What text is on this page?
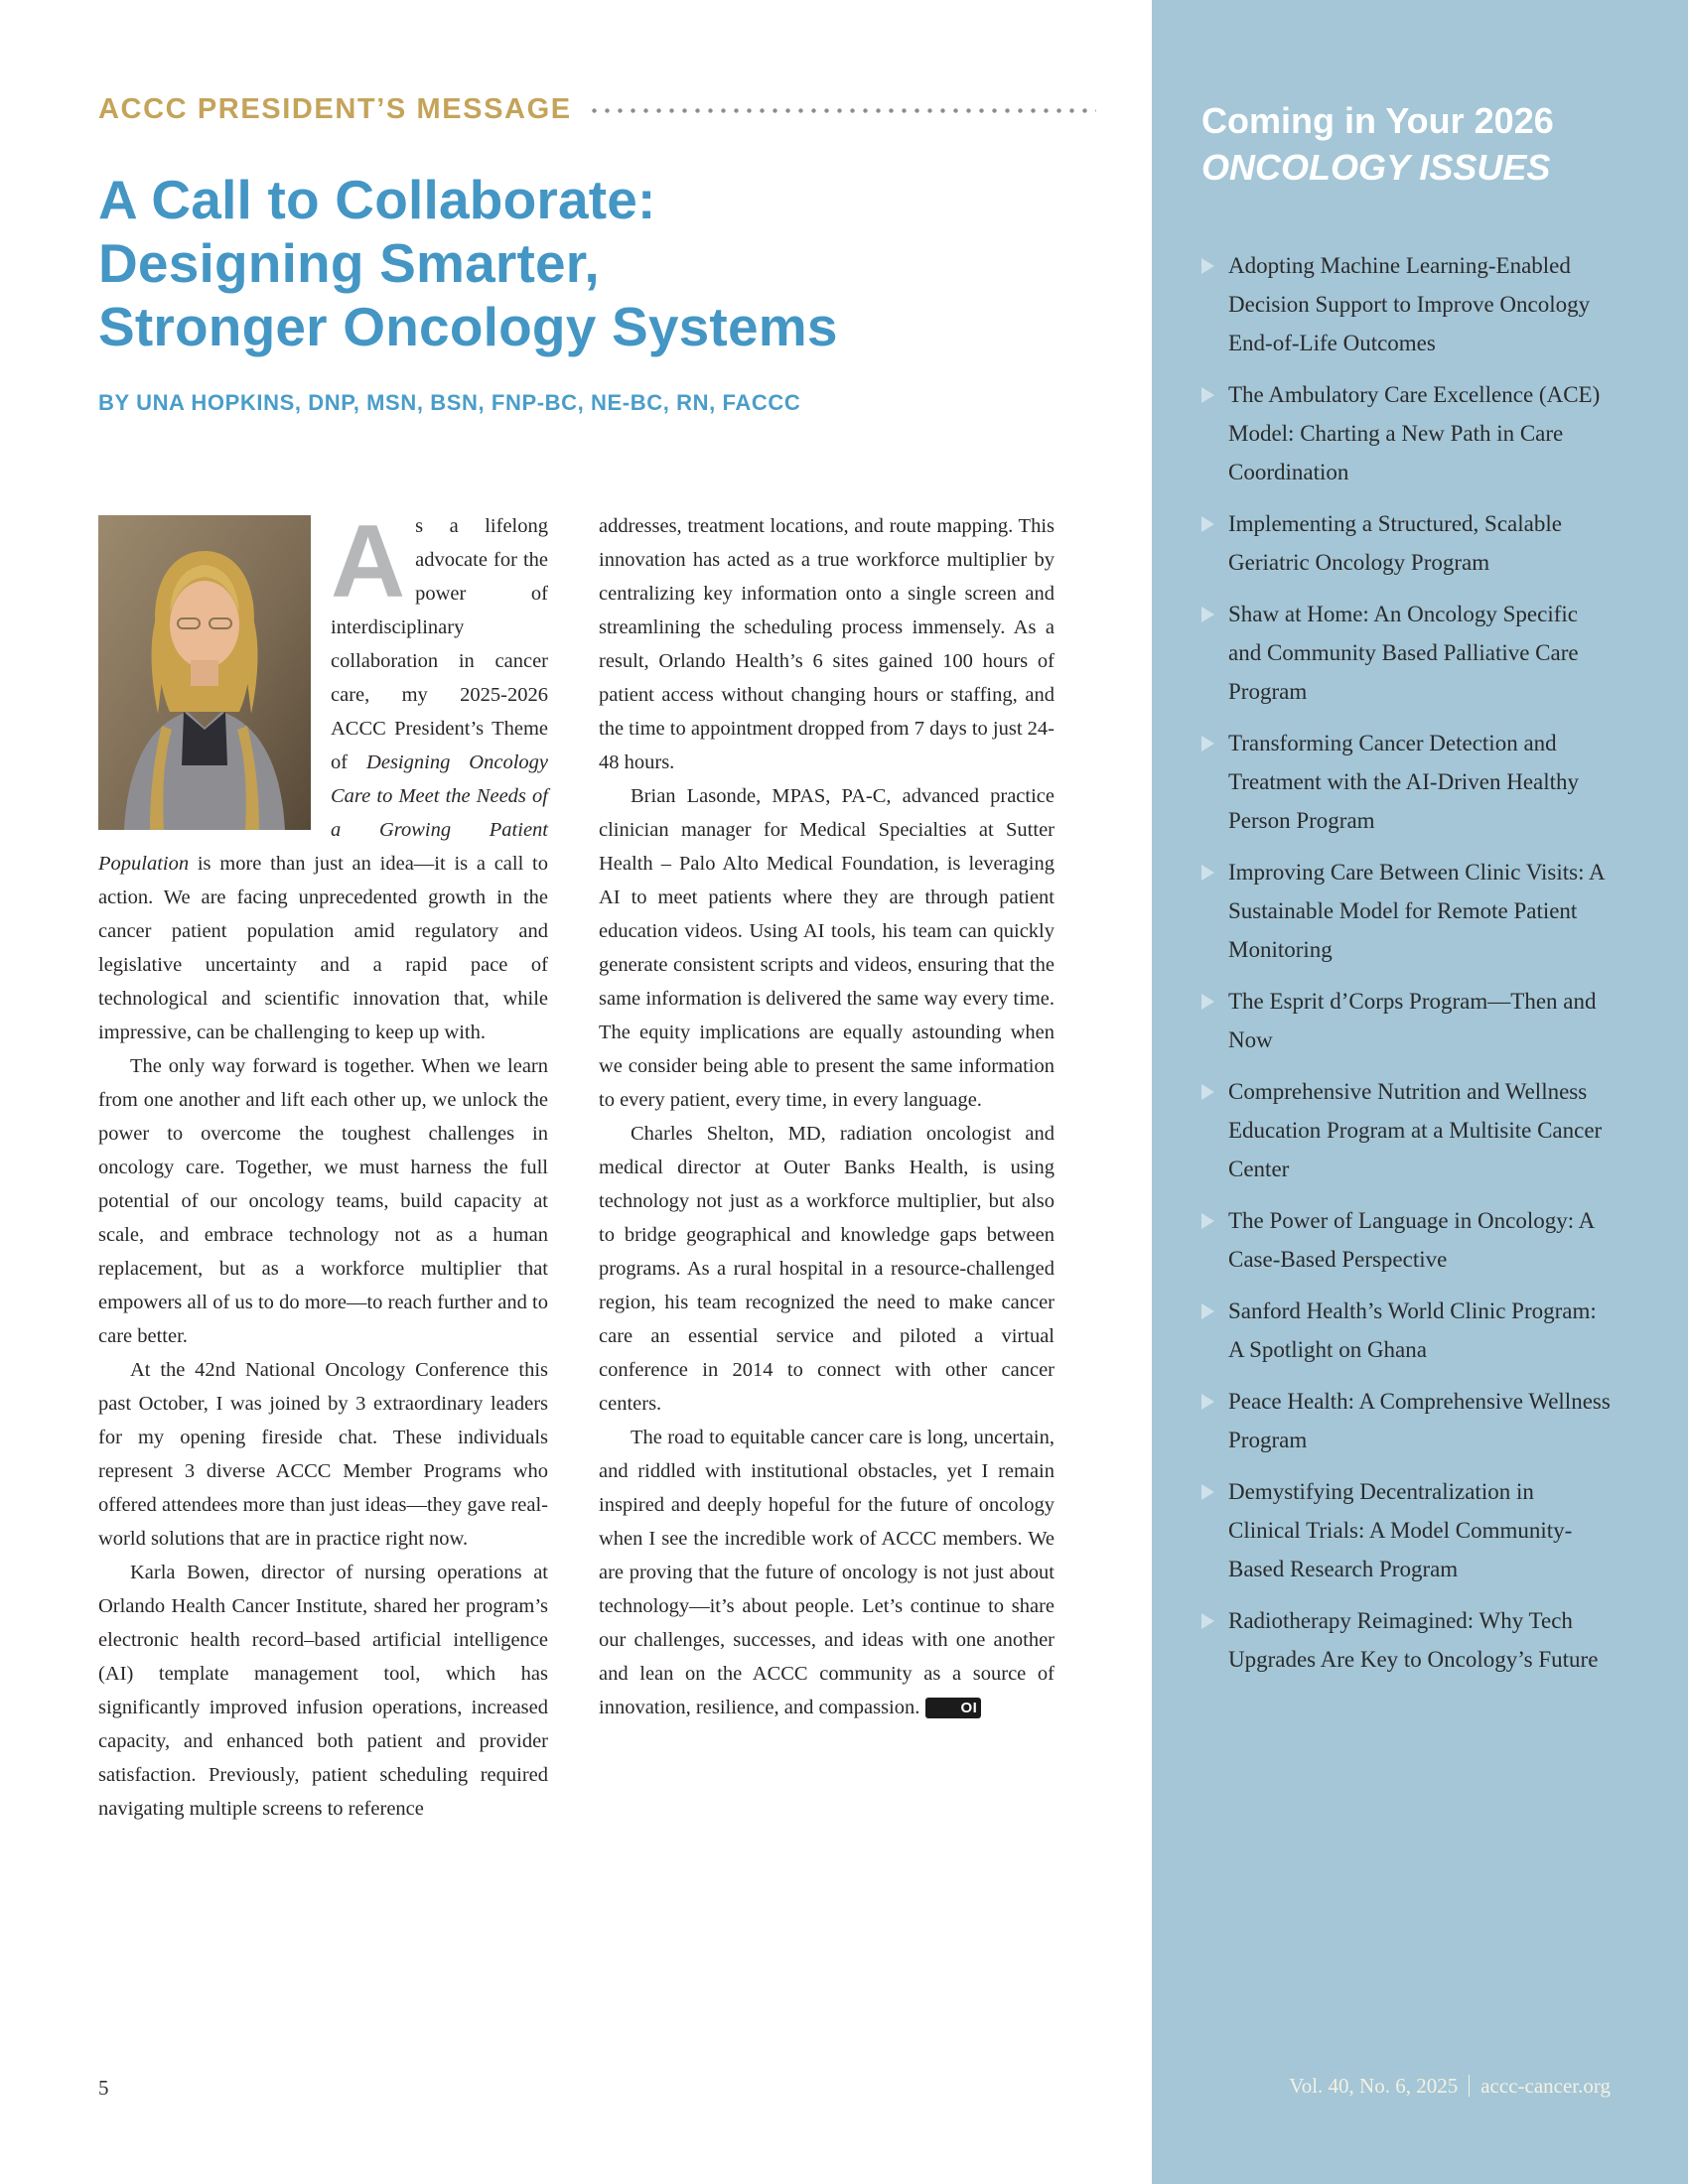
ACCC PRESIDENT’S MESSAGE
A Call to Collaborate:
Designing Smarter,
Stronger Oncology Systems
BY UNA HOPKINS, DNP, MSN, BSN, FNP-BC, NE-BC, RN, FACCC

As a lifelong advocate for the power of interdisciplinary collaboration in cancer care, my 2025-2026 ACCC President’s Theme of Designing Oncology Care to Meet the Needs of a Growing Patient Population is more than just an idea—it is a call to action. We are facing unprecedented growth in the cancer patient population amid regulatory and legislative uncertainty and a rapid pace of technological and scientific innovation that, while impressive, can be challenging to keep up with.

The only way forward is together. When we learn from one another and lift each other up, we unlock the power to overcome the toughest challenges in oncology care. Together, we must harness the full potential of our oncology teams, build capacity at scale, and embrace technology not as a human replacement, but as a workforce multiplier that empowers all of us to do more—to reach further and to care better.

At the 42nd National Oncology Conference this past October, I was joined by 3 extraordinary leaders for my opening fireside chat. These individuals represent 3 diverse ACCC Member Programs who offered attendees more than just ideas—they gave real-world solutions that are in practice right now.

Karla Bowen, director of nursing operations at Orlando Health Cancer Institute, shared her program’s electronic health record–based artificial intelligence (AI) template management tool, which has significantly improved infusion operations, increased capacity, and enhanced both patient and provider satisfaction. Previously, patient scheduling required navigating multiple screens to reference

addresses, treatment locations, and route mapping. This innovation has acted as a true workforce multiplier by centralizing key information onto a single screen and streamlining the scheduling process immensely. As a result, Orlando Health’s 6 sites gained 100 hours of patient access without changing hours or staffing, and the time to appointment dropped from 7 days to just 24-48 hours.

Brian Lasonde, MPAS, PA-C, advanced practice clinician manager for Medical Specialties at Sutter Health – Palo Alto Medical Foundation, is leveraging AI to meet patients where they are through patient education videos. Using AI tools, his team can quickly generate consistent scripts and videos, ensuring that the same information is delivered the same way every time. The equity implications are equally astounding when we consider being able to present the same information to every patient, every time, in every language.

Charles Shelton, MD, radiation oncologist and medical director at Outer Banks Health, is using technology not just as a workforce multiplier, but also to bridge geographical and knowledge gaps between programs. As a rural hospital in a resource-challenged region, his team recognized the need to make cancer care an essential service and piloted a virtual conference in 2014 to connect with other cancer centers.

The road to equitable cancer care is long, uncertain, and riddled with institutional obstacles, yet I remain inspired and deeply hopeful for the future of oncology when I see the incredible work of ACCC members. We are proving that the future of oncology is not just about technology—it’s about people. Let’s continue to share our challenges, successes, and ideas with one another and lean on the ACCC community as a source of innovation, resilience, and compassion.	OI

5
Coming in Your 2026
ONCOLOGY ISSUES
Adopting Machine Learning-Enabled Decision Support to Improve Oncology End-of-Life Outcomes
The Ambulatory Care Excellence (ACE) Model: Charting a New Path in Care Coordination
Implementing a Structured, Scalable Geriatric Oncology Program
Shaw at Home: An Oncology Specific and Community Based Palliative Care Program
Transforming Cancer Detection and Treatment with the AI-Driven Healthy Person Program
Improving Care Between Clinic Visits: A Sustainable Model for Remote Patient Monitoring
The Esprit d’Corps Program—Then and Now
Comprehensive Nutrition and Wellness Education Program at a Multisite Cancer Center
The Power of Language in Oncology: A Case-Based Perspective
Sanford Health’s World Clinic Program: A Spotlight on Ghana
Peace Health: A Comprehensive Wellness Program
Demystifying Decentralization in Clinical Trials: A Model Community-Based Research Program
Radiotherapy Reimagined: Why Tech Upgrades Are Key to Oncology’s Future
Vol. 40, No. 6, 2025 accc-cancer.org
